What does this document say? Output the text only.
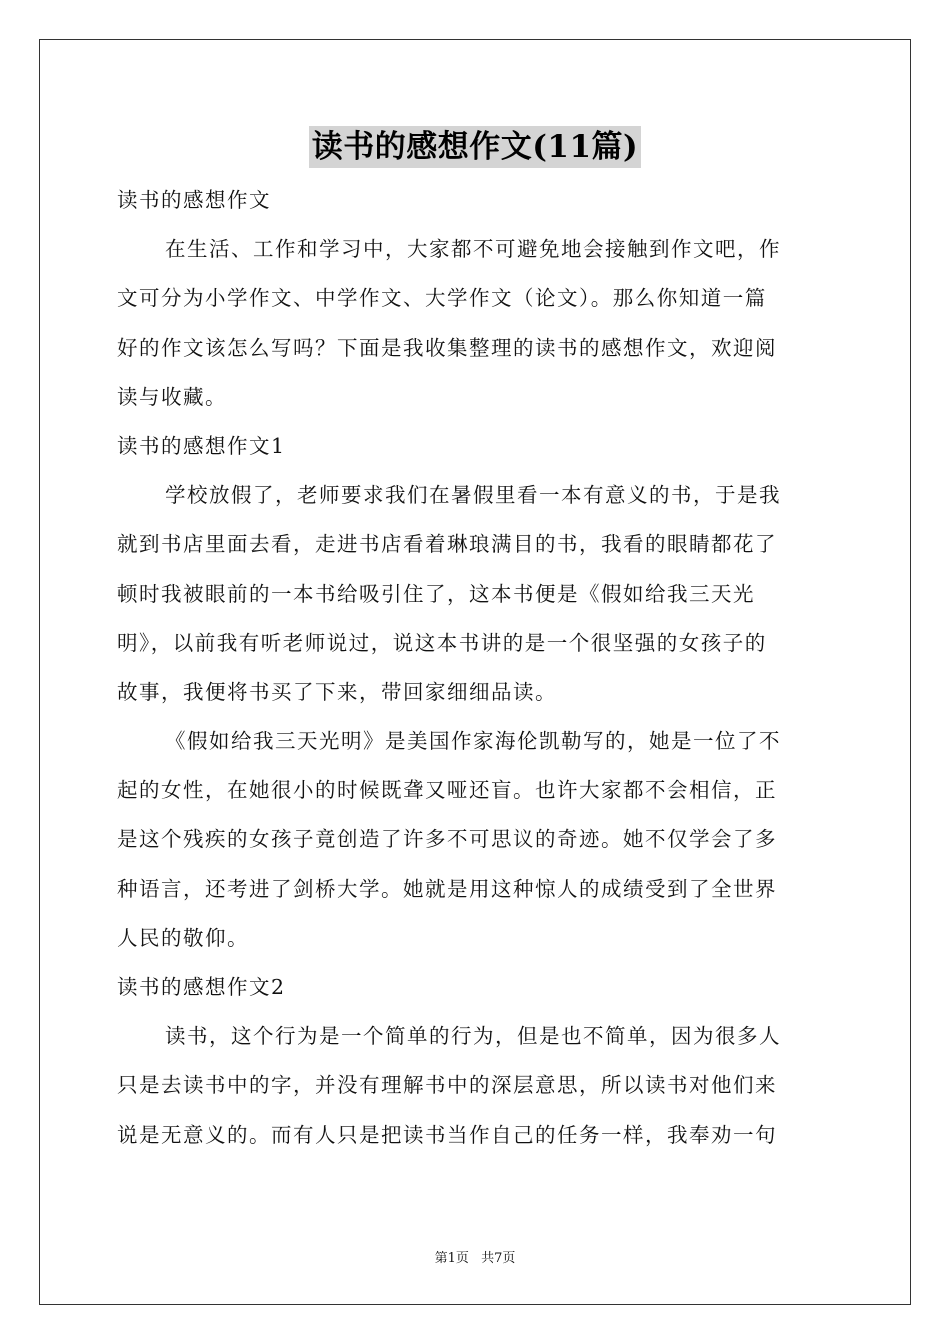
读书的感想作文(11篇)
读书的感想作文
在生活、工作和学习中，大家都不可避免地会接触到作文吧，作
文可分为小学作文、中学作文、大学作文（论文）。那么你知道一篇
好的作文该怎么写吗？下面是我收集整理的读书的感想作文，欢迎阅
读与收藏。
读书的感想作文1
学校放假了，老师要求我们在暑假里看一本有意义的书，于是我
就到书店里面去看，走进书店看着琳琅满目的书，我看的眼睛都花了
顿时我被眼前的一本书给吸引住了，这本书便是《假如给我三天光
明》，以前我有听老师说过，说这本书讲的是一个很坚强的女孩子的
故事，我便将书买了下来，带回家细细品读。
《假如给我三天光明》是美国作家海伦凯勒写的，她是一位了不
起的女性，在她很小的时候既聋又哑还盲。也许大家都不会相信，正
是这个残疾的女孩子竟创造了许多不可思议的奇迹。她不仅学会了多
种语言，还考进了剑桥大学。她就是用这种惊人的成绩受到了全世界
人民的敬仰。
读书的感想作文2
读书，这个行为是一个简单的行为，但是也不简单，因为很多人
只是去读书中的字，并没有理解书中的深层意思，所以读书对他们来
说是无意义的。而有人只是把读书当作自己的任务一样，我奉劝一句
第1页 共7页
